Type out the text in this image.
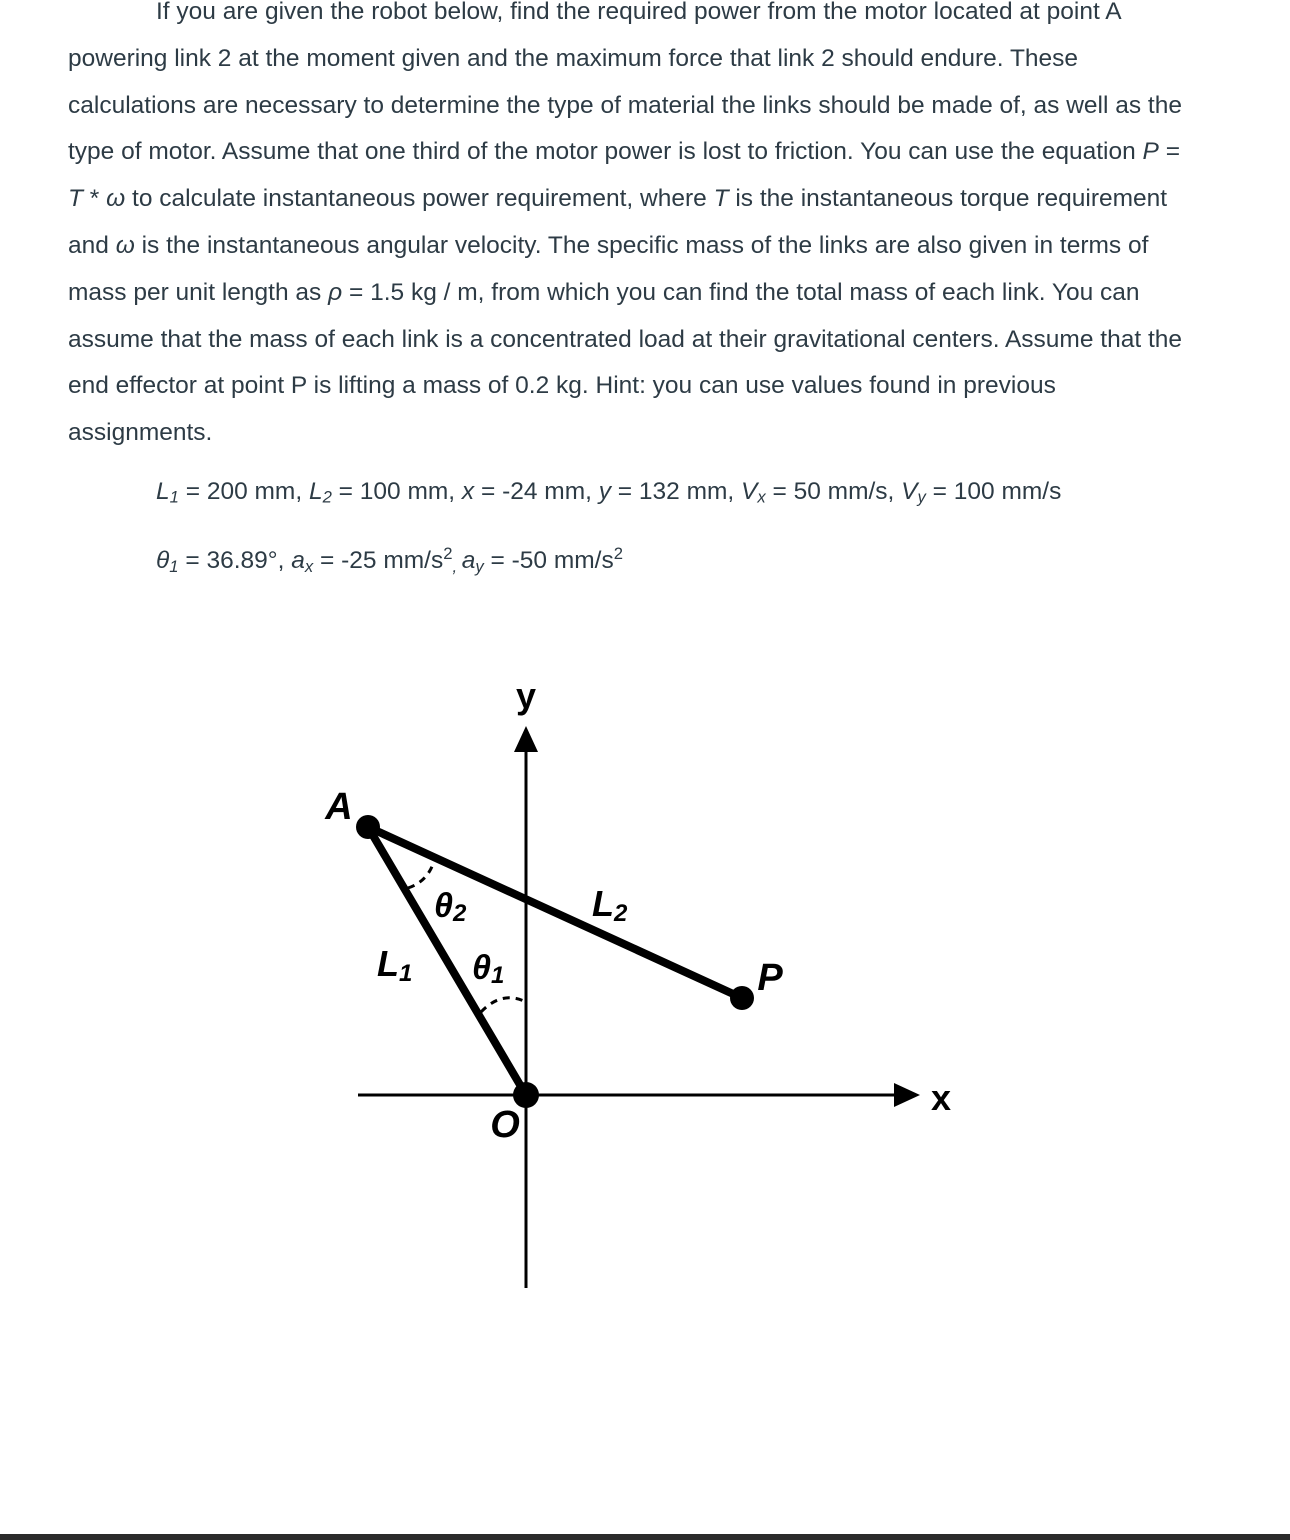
If you are given the robot below, find the required power from the motor located at point A powering link 2 at the moment given and the maximum force that link 2 should endure. These calculations are necessary to determine the type of material the links should be made of, as well as the type of motor. Assume that one third of the motor power is lost to friction. You can use the equation P = T * ω to calculate instantaneous power requirement, where T is the instantaneous torque requirement and ω is the instantaneous angular velocity. The specific mass of the links are also given in terms of mass per unit length as ρ = 1.5 kg / m, from which you can find the total mass of each link. You can assume that the mass of each link is a concentrated load at their gravitational centers. Assume that the end effector at point P is lifting a mass of 0.2 kg. Hint: you can use values found in previous assignments.

$L_1 = 200$ mm, $L_2 = 100$ mm, x = -24 mm, y = 132 mm, $V_x = 50$ mm/s, $V_y = 100$ mm/s
$\theta_1 = 36.89^\circ$, $a_x = -25$ $mm/s^2_,$ $a_y = -50$ $mm/s^2$
x
y
A
O
P
L1
L2
θ1
θ2
